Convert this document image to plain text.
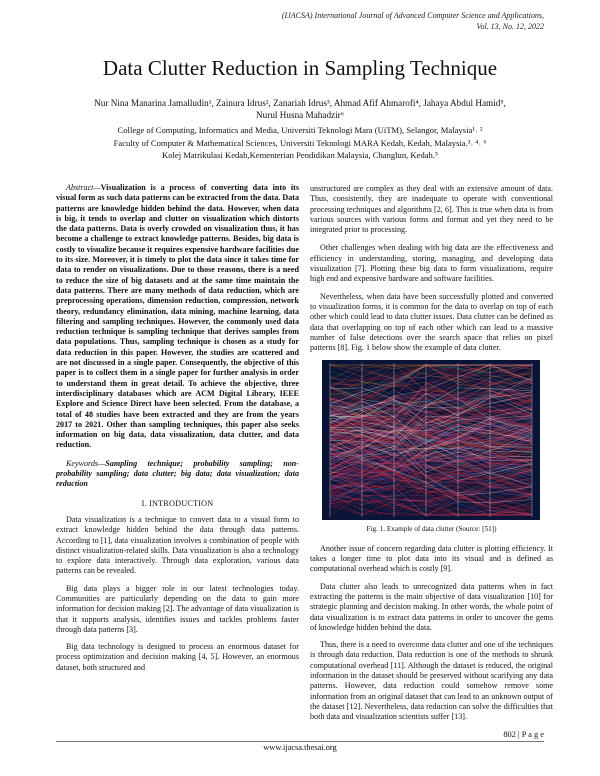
(IJACSA) International Journal of Advanced Computer Science and Applications,
Vol. 13, No. 12, 2022
Data Clutter Reduction in Sampling Technique
Nur Nina Manarina Jamalludin¹, Zainura Idrus², Zanariah Idrus³, Ahmad Afif Ahmarofi⁴, Jahaya Abdul Hamid⁵,
Nurul Husna Mahadzir⁶
College of Computing, Informatics and Media, Universiti Teknologi Mara (UiTM), Selangor, Malaysia¹˒ ²
Faculty of Computer & Mathematical Sciences, Universiti Teknologi MARA Kedah, Kedah, Malaysia.³˒ ⁴˒ ⁶
Kolej Matrikulasi Kedah,Kementerian Pendidikan Malaysia, Changlun, Kedah.⁵

Abstract—Visualization is a process of converting data into its visual form as such data patterns can be extracted from the data. Data patterns are knowledge hidden behind the data. However, when data is big, it tends to overlap and clutter on visualization which distorts the data patterns. Data is overly crowded on visualization thus, it has become a challenge to extract knowledge patterns. Besides, big data is costly to visualize because it requires expensive hardware facilities due to its size. Moreover, it is timely to plot the data since it takes time for data to render on visualizations. Due to those reasons, there is a need to reduce the size of big datasets and at the same time maintain the data patterns. There are many methods of data reduction, which are preprocessing operations, dimension reduction, compression, network theory, redundancy elimination, data mining, machine learning, data filtering and sampling techniques. However, the commonly used data reduction technique is sampling technique that derives samples from data populations. Thus, sampling technique is chosen as a study for data reduction in this paper. However, the studies are scattered and are not discussed in a single paper. Consequently, the objective of this paper is to collect them in a single paper for further analysis in order to understand them in great detail. To achieve the objective, three interdisciplinary databases which are ACM Digital Library, IEEE Explore and Science Direct have been selected. From the database, a total of 48 studies have been extracted and they are from the years 2017 to 2021. Other than sampling techniques, this paper also seeks information on big data, data visualization, data clutter, and data reduction.

Keywords—Sampling technique; probability sampling; non-probability sampling; data clutter; big data; data visualization; data reduction

I. INTRODUCTION

Data visualization is a technique to convert data to a visual form to extract knowledge hidden behind the data through data patterns. According to [1], data visualization involves a combination of people with distinct visualization-related skills. Data visualization is also a technology to explore data interactively. Through data exploration, various data patterns can be revealed.

Big data plays a bigger role in our latest technologies today. Communities are particularly depending on the data to gain more information for decision making [2]. The advantage of data visualization is that it supports analysis, identifies issues and tackles problems faster through data patterns [3].

Big data technology is designed to process an enormous dataset for process optimization and decision making [4, 5]. However, an enormous dataset, both structured and

unstructured are complex as they deal with an extensive amount of data. Thus, consistently, they are inadequate to operate with conventional processing techniques and algorithms [2, 6]. This is true when data is from various sources with various forms and format and yet they need to be integrated prior to processing.

Other challenges when dealing with big data are the effectiveness and efficiency in understanding, storing, managing, and developing data visualization [7]. Plotting these big data to form visualizations, require high end and expensive hardware and software facilities.

Nevertheless, when data have been successfully plotted and converted to visualization forms, it is common for the data to overlap on top of each other which could lead to data clutter issues. Data clutter can be defined as data that overlapping on top of each other which can lead to a massive number of false detections over the search space that relies on pixel patterns [8]. Fig. 1 below show the example of data clutter.

Fig. 1. Example of data clutter (Source: [51])

Another issue of concern regarding data clutter is plotting efficiency. It takes a longer time to plot data into its visual and is defined as computational overhead which is costly [9].

Data clutter also leads to unrecognized data patterns when in fact extracting the patterns is the main objective of data visualization [10] for strategic planning and decision making. In other words, the whole point of data visualization is to extract data patterns in order to uncover the gems of knowledge hidden behind the data.

Thus, there is a need to overcome data clutter and one of the techniques is through data reduction. Data reduction is one of the methods to shrunk computational overhead [11]. Although the dataset is reduced, the original information in the dataset should be preserved without scarifying any data patterns. However, data reduction could somehow remove some information from an original dataset that can lead to an unknown output of the dataset [12]. Nevertheless, data reduction can solve the difficulties that both data and visualization scientists suffer [13].

802 | P a g e
www.ijacsa.thesai.org
